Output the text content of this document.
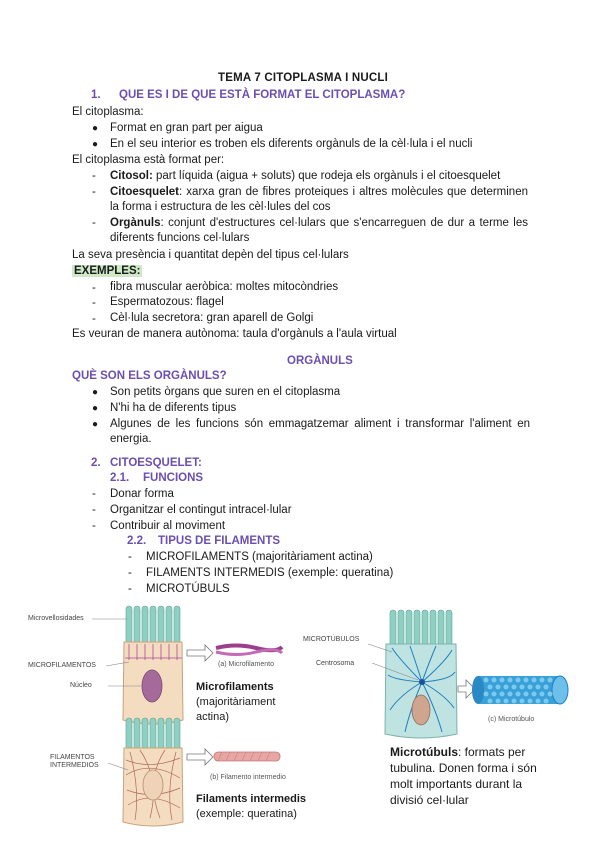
TEMA 7 CITOPLASMA I NUCLI
1. QUE ES I DE QUE ESTÀ FORMAT EL CITOPLASMA?
El citoplasma:
● Format en gran part per aigua
● En el seu interior es troben els diferents orgànuls de la cèl·lula i el nucli
El citoplasma està format per:
- Citosol: part líquida (aigua + soluts) que rodeja els orgànuls i el citoesquelet
- Citoesquelet: xarxa gran de fibres proteiques i altres molècules que determinen la forma i estructura de les cèl·lules del cos
- Orgànuls: conjunt d'estructures cel·lulars que s'encarreguen de dur a terme les diferents funcions cel·lulars
La seva presència i quantitat depèn del tipus cel·lulars
EXEMPLES:
- fibra muscular aeròbica: moltes mitocòndries
- Espermatozous: flagel
- Cèl·lula secretora: gran aparell de Golgi
Es veuran de manera autònoma: taula d'orgànuls a l'aula virtual
ORGÀNULS
QUÈ SON ELS ORGÀNULS?
● Son petits òrgans que suren en el citoplasma
● N'hi ha de diferents tipus
● Algunes de les funcions són emmagatzemar aliment i transformar l'aliment en energia.
2. CITOESQUELET:
2.1. FUNCIONS
- Donar forma
- Organitzar el contingut intracel·lular
- Contribuir al moviment
2.2. TIPUS DE FILAMENTS
- MICROFILAMENTS (majoritàriament actina)
- FILAMENTS INTERMEDIS (exemple: queratina)
- MICROTÚBULS
Microvellosidades
MICROFILAMENTOS
Núcleo
(a) Microfilamento
Microfilaments
(majoritàriament
actina)
FILAMENTOS
INTERMEDIOS
(b) Filamento intermedio
Filaments intermedis
(exemple: queratina)
MICROTÚBULOS
Centrosoma
(c) Microtúbulo
Microtúbuls: formats per
tubulina. Donen forma i són
molt importants durant la
divisió cel·lular
